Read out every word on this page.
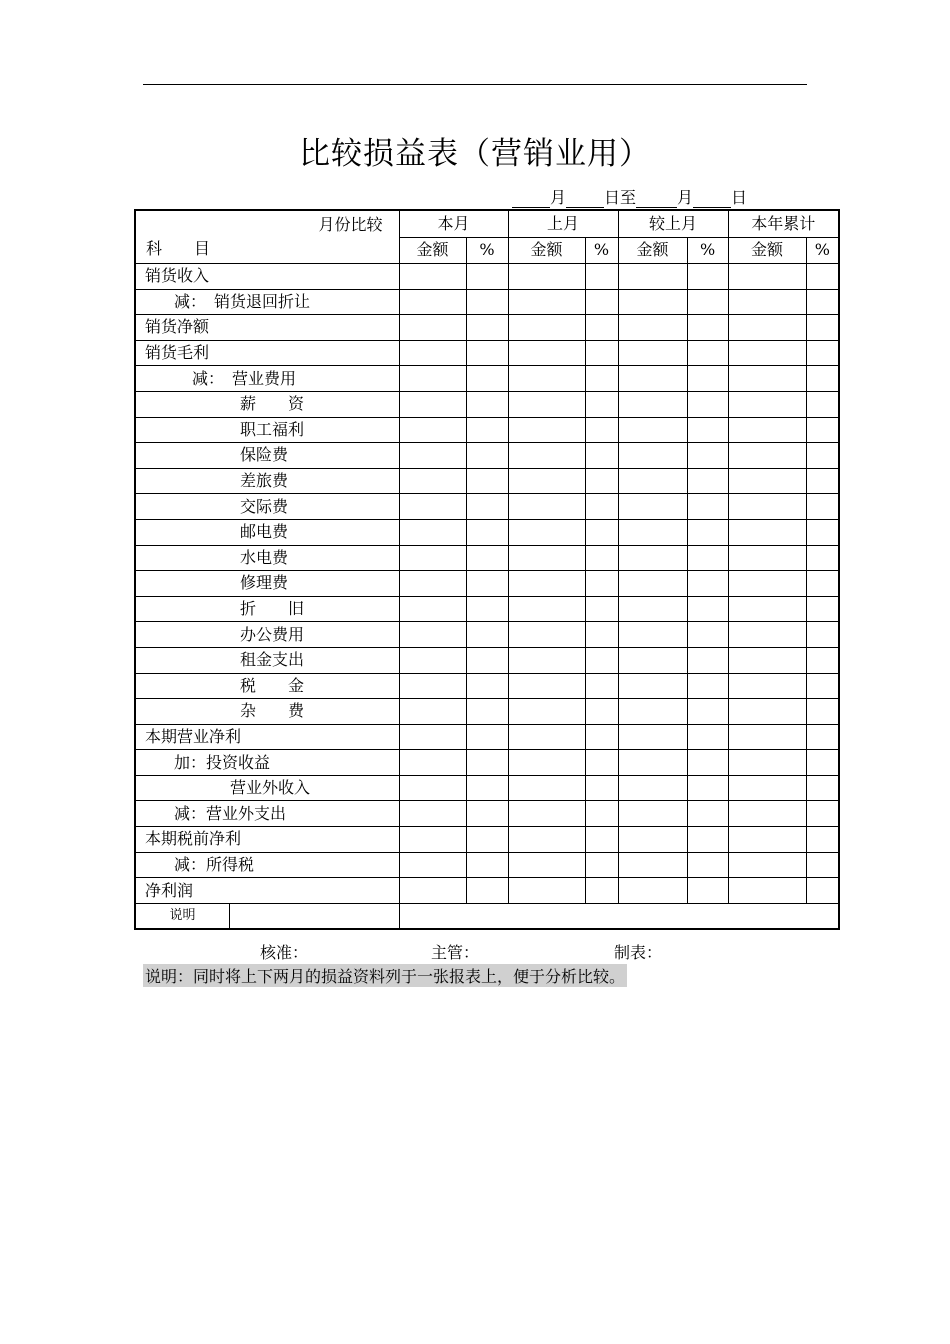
比较损益表（营销业用）
月 日至	月 日
月份比较
科　　目	本月		上月		较上月		本年累计	
	金额	%	金额	%	金额	%	金额	%
销货收入								
减：　销货退回折让								
销货净额								
销货毛利								
减：　营业费用								
薪　　资								
职工福利								
保险费								
差旅费								
交际费								
邮电费								
水电费								
修理费								
折　　旧								
办公费用								
租金支出								
税　　金								
杂　　费								
本期营业净利								
加：投资收益								
营业外收入								
减：营业外支出								
本期税前净利								
减：所得税								
净利润								

说明								

核准：	主管：	制表：
说明：同时将上下两月的损益资料列于一张报表上，便于分析比较。
